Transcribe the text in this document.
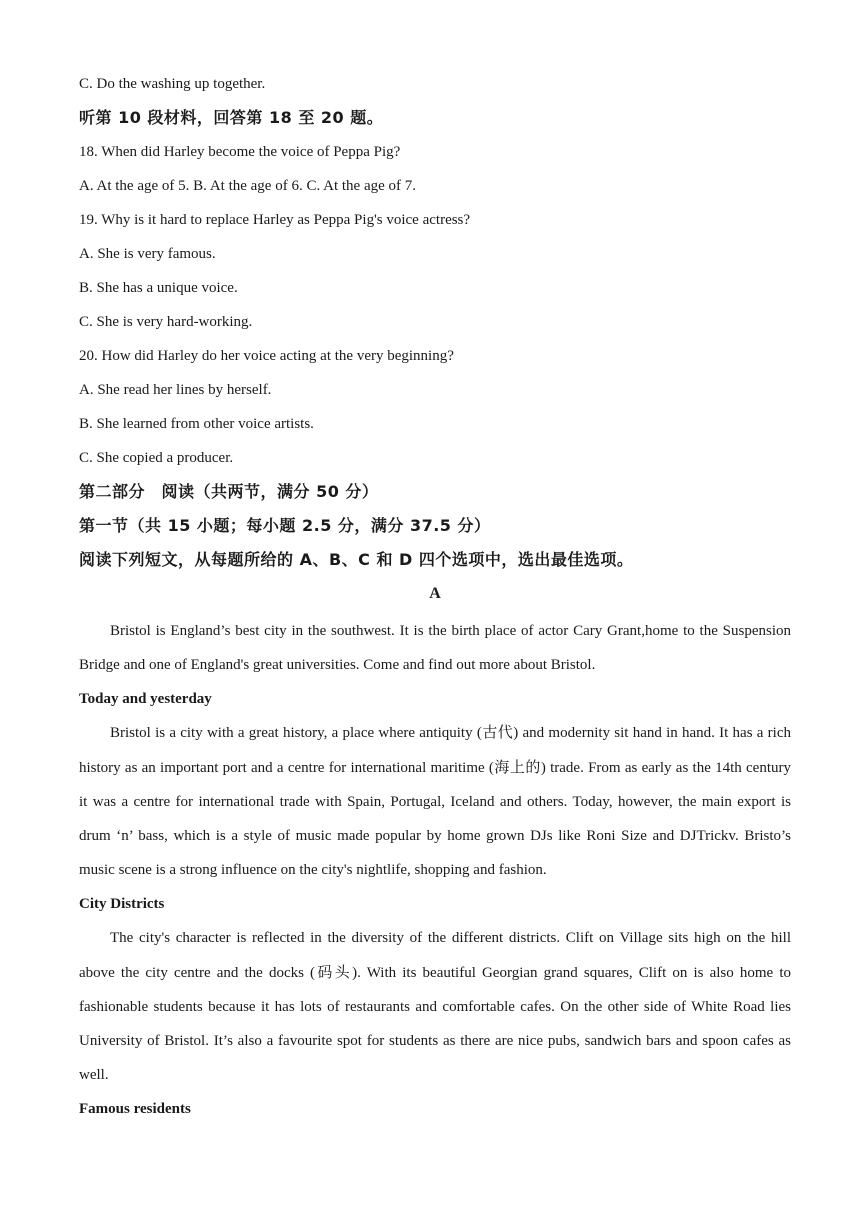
C. Do the washing up together.
听第 10 段材料，回答第 18 至 20 题。
18. When did Harley become the voice of Peppa Pig?
A. At the age of 5. B. At the age of 6. C. At the age of 7.
19. Why is it hard to replace Harley as Peppa Pig's voice actress?
A. She is very famous.
B. She has a unique voice.
C. She is very hard-working.
20. How did Harley do her voice acting at the very beginning?
A. She read her lines by herself.
B. She learned from other voice artists.
C. She copied a producer.
第二部分　阅读（共两节，满分 50 分）
第一节（共 15 小题；每小题 2.5 分，满分 37.5 分）
阅读下列短文，从每题所给的 A、B、C 和 D 四个选项中，选出最佳选项。
A

Bristol is England’s best city in the southwest. It is the birth place of actor Cary Grant,home to the Suspension Bridge and one of England's great universities. Come and find out more about Bristol.

Today and yesterday

Bristol is a city with a great history, a place where antiquity (古代) and modernity sit hand in hand. It has a rich history as an important port and a centre for international maritime (海上的) trade. From as early as the 14th century it was a centre for international trade with Spain, Portugal, Iceland and others. Today, however, the main export is drum ‘n’ bass, which is a style of music made popular by home grown DJs like Roni Size and DJTrickv. Bristo’s music scene is a strong influence on the city's nightlife, shopping and fashion.

City Districts

The city's character is reflected in the diversity of the different districts. Clift on Village sits high on the hill above the city centre and the docks (码头). With its beautiful Georgian grand squares, Clift on is also home to fashionable students because it has lots of restaurants and comfortable cafes. On the other side of White Road lies University of Bristol. It’s also a favourite spot for students as there are nice pubs, sandwich bars and spoon cafes as well.

Famous residents
